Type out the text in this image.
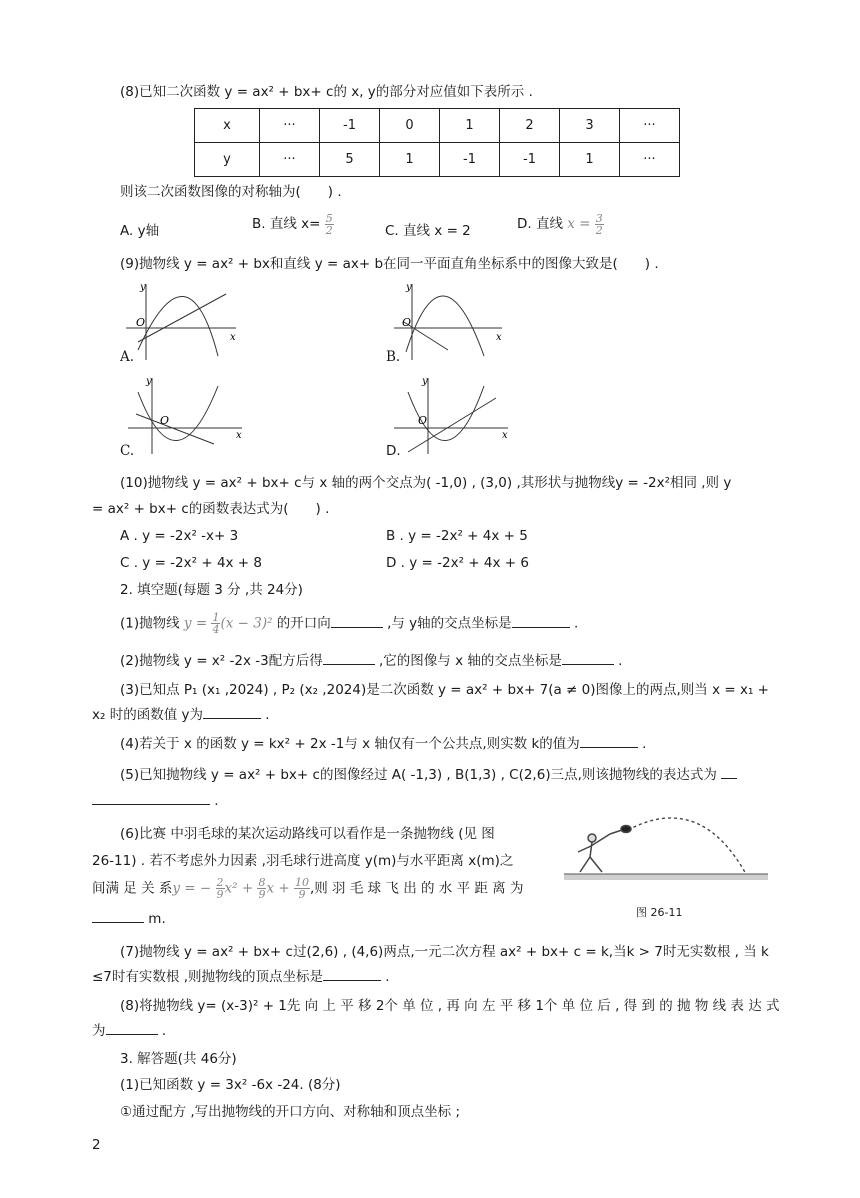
(8)已知二次函数 y = ax² + bx+ c的 x, y的部分对应值如下表所示 .
x	···	-1	0	1	2	3	···
y	···	5	1	-1	-1	1	···
则该二次函数图像的对称轴为(　　) .
A. y轴	B. 直线 $x= \frac{5}{2}$	C. 直线 x = 2	D. 直线 $x = \frac{3}{2}$
(9)抛物线 y = ax² + bx和直线 y = ax+ b在同一平面直角坐标系中的图像大致是(　　) .
y
x
O
A.
y
x
O
B.
y
x
O
C.
y
x
O
D.
(10)抛物线 y = ax² + bx+ c与 x 轴的两个交点为( -1,0) , (3,0) ,其形状与抛物线y = -2x²相同 ,则 y
= ax² + bx+ c的函数表达式为(　　) .
A . y = -2x² -x+ 3	B . y = -2x² + 4x + 5
C . y = -2x² + 4x + 8	D . y = -2x² + 4x + 6
2. 填空题(每题 3 分 ,共 24分)
(1)抛物线 $y = \frac{1}{4} (x - 3)^2$ 的开口向	,与 y轴的交点坐标是	.
(2)抛物线 y = x² -2x -3配方后得	,它的图像与 x 轴的交点坐标是	.
(3)已知点 P₁ (x₁ ,2024) , P₂ (x₂ ,2024)是二次函数 y = ax² + bx+ 7(a ≠ 0)图像上的两点,则当 x = x₁ +
x₂ 时的函数值 y为	.
(4)若关于 x 的函数 y = kx² + 2x -1与 x 轴仅有一个公共点,则实数 k的值为	.
(5)已知抛物线 y = ax² + bx+ c的图像经过 A( -1,3) , B(1,3) , C(2,6)三点,则该抛物线的表达式为
.
(6)比赛 中羽毛球的某次运动路线可以看作是一条抛物线 (见 图
26-11) . 若不考虑外力因素 ,羽毛球行进高度 y(m)与水平距离 x(m)之
间满 足 关 系y = − $\frac{2}{9} x^2 + \frac{8}{9}$ $x + \frac{10}{9}$ ,则 羽 毛 球 飞 出 的 水 平 距 离 为
m.	图 26-11
(7)抛物线 y = ax² + bx+ c过(2,6) , (4,6)两点,一元二次方程 ax² + bx+ c = k,当k > 7时无实数根 , 当 k
≤7时有实数根 ,则抛物线的顶点坐标是	.
(8)将抛物线 y= (x-3)² + 1先 向 上 平 移 2个 单 位 , 再 向 左 平 移 1个 单 位 后 , 得 到 的 抛 物 线 表 达 式
为	.
3. 解答题(共 46分)
(1)已知函数 y = 3x² -6x -24. (8分)
①通过配方 ,写出抛物线的开口方向、对称轴和顶点坐标 ;
2
